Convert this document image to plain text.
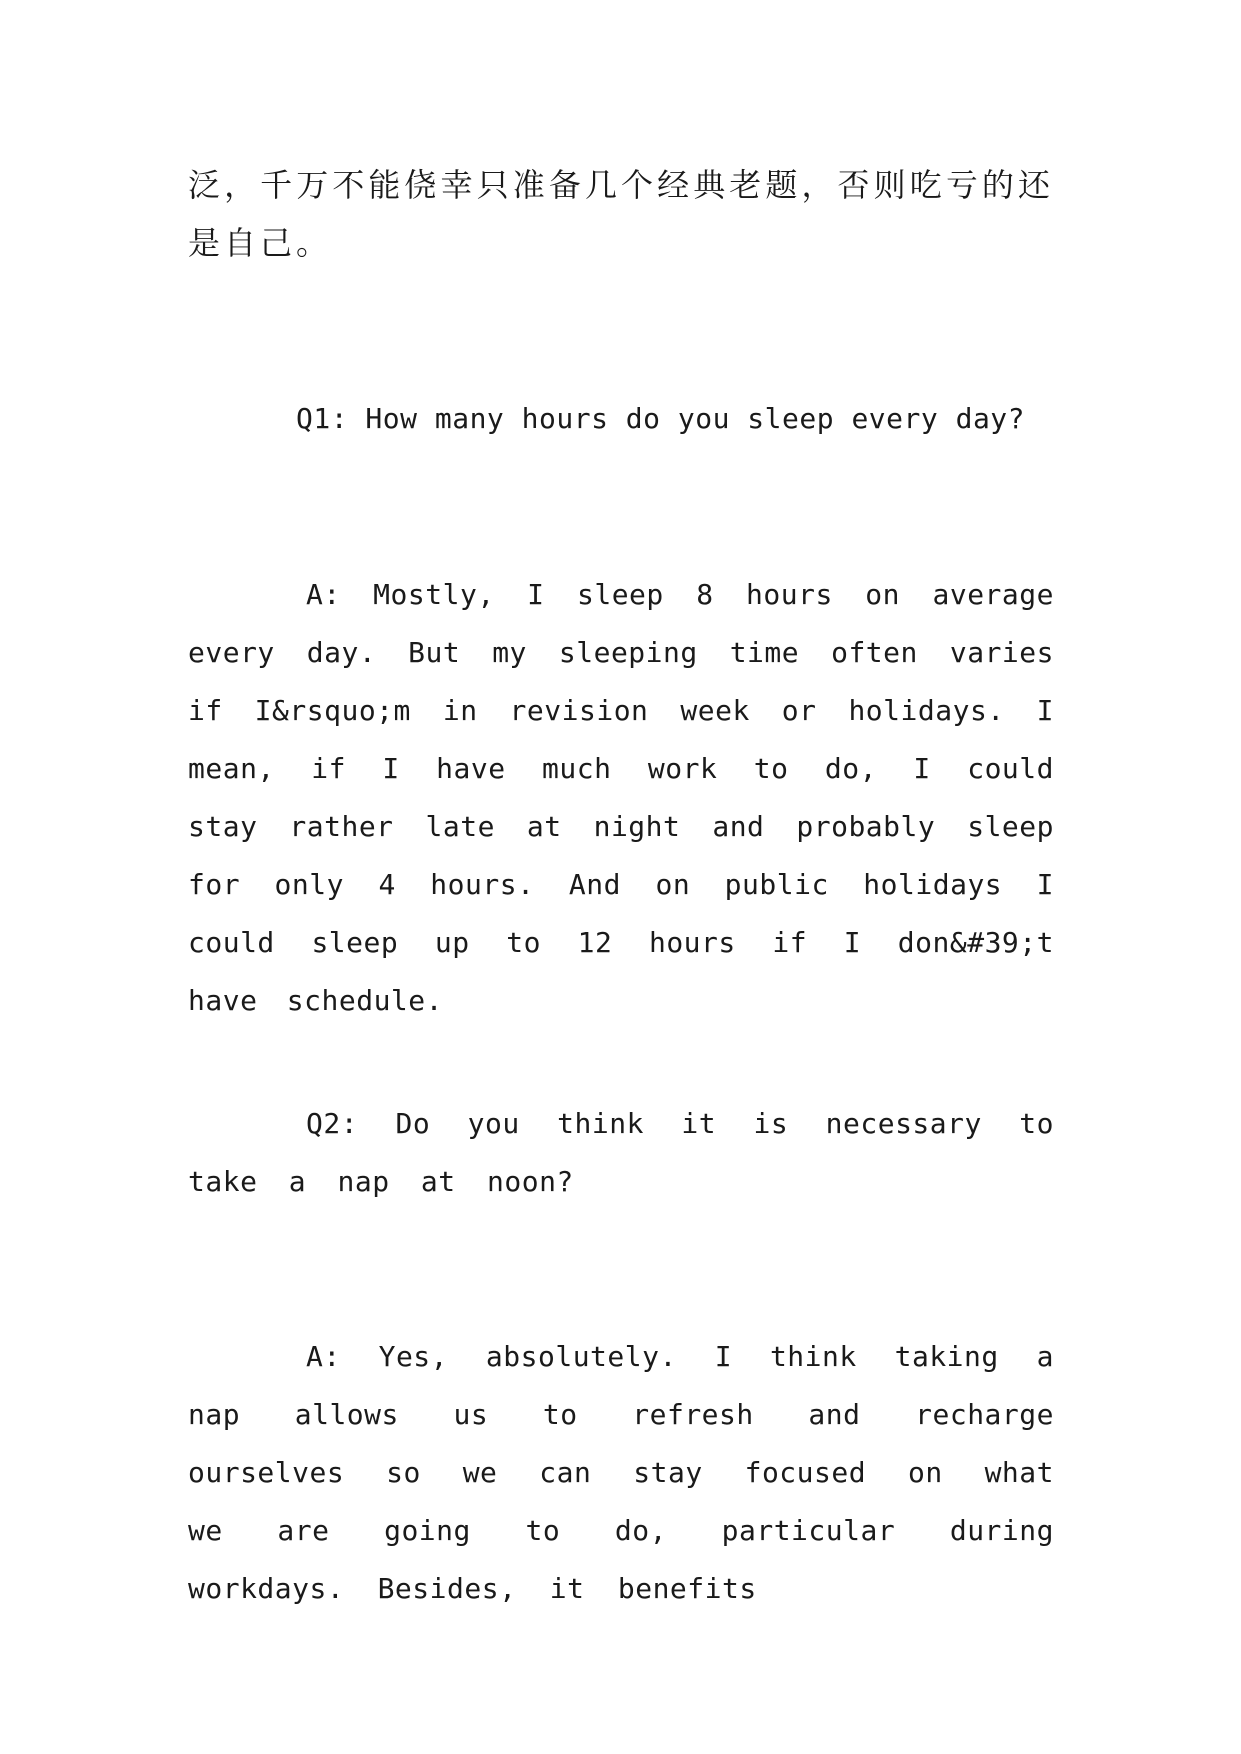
泛，千万不能侥幸只准备几个经典老题，否则吃亏的还是自己。

Q1: How many hours do you sleep every day?

A: Mostly, I sleep 8 hours on average every day. But my sleeping time often varies if I&rsquo;m in revision week or holidays. I mean, if I have much work to do, I could stay rather late at night and probably sleep for only 4 hours. And on public holidays I could sleep up to 12 hours if I don&#39;t have schedule.

Q2: Do you think it is necessary to take a nap at noon?

A: Yes, absolutely. I think taking a nap allows us to refresh and recharge ourselves so we can stay focused on what we are going to do, particular during workdays. Besides, it benefits
